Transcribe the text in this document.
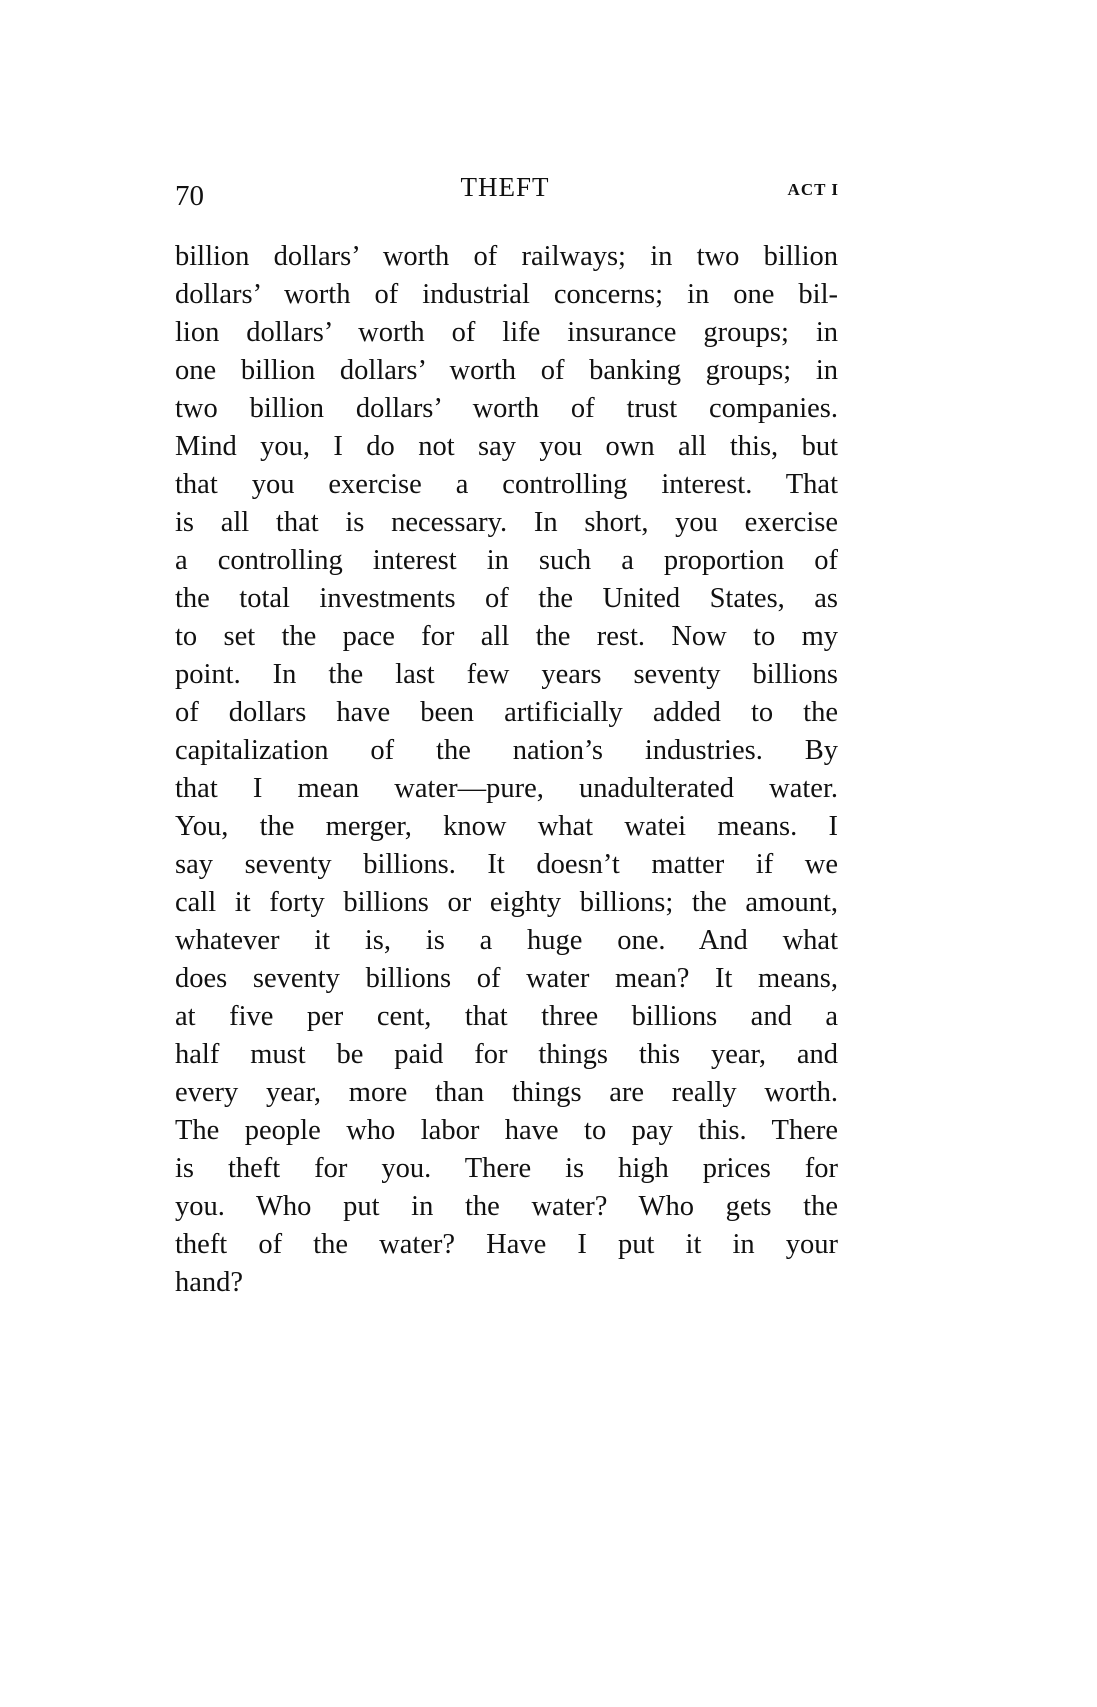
70	THEFT	ACT I
billion dollars’ worth of railways; in two billion
dollars’ worth of industrial concerns; in one bil-
lion dollars’ worth of life insurance groups; in
one billion dollars’ worth of banking groups; in
two billion dollars’ worth of trust companies.
Mind you, I do not say you own all this, but
that you exercise a controlling interest. That
is all that is necessary. In short, you exercise
a controlling interest in such a proportion of
the total investments of the United States, as
to set the pace for all the rest. Now to my
point. In the last few years seventy billions
of dollars have been artificially added to the
capitalization of the nation’s industries. By
that I mean water—pure, unadulterated water.
You, the merger, know what watei means. I
say seventy billions. It doesn’t matter if we
call it forty billions or eighty billions; the amount,
whatever it is, is a huge one. And what
does seventy billions of water mean? It means,
at five per cent, that three billions and a
half must be paid for things this year, and
every year, more than things are really worth.
The people who labor have to pay this. There
is theft for you. There is high prices for
you. Who put in the water? Who gets the
theft of the water? Have I put it in your
hand?
